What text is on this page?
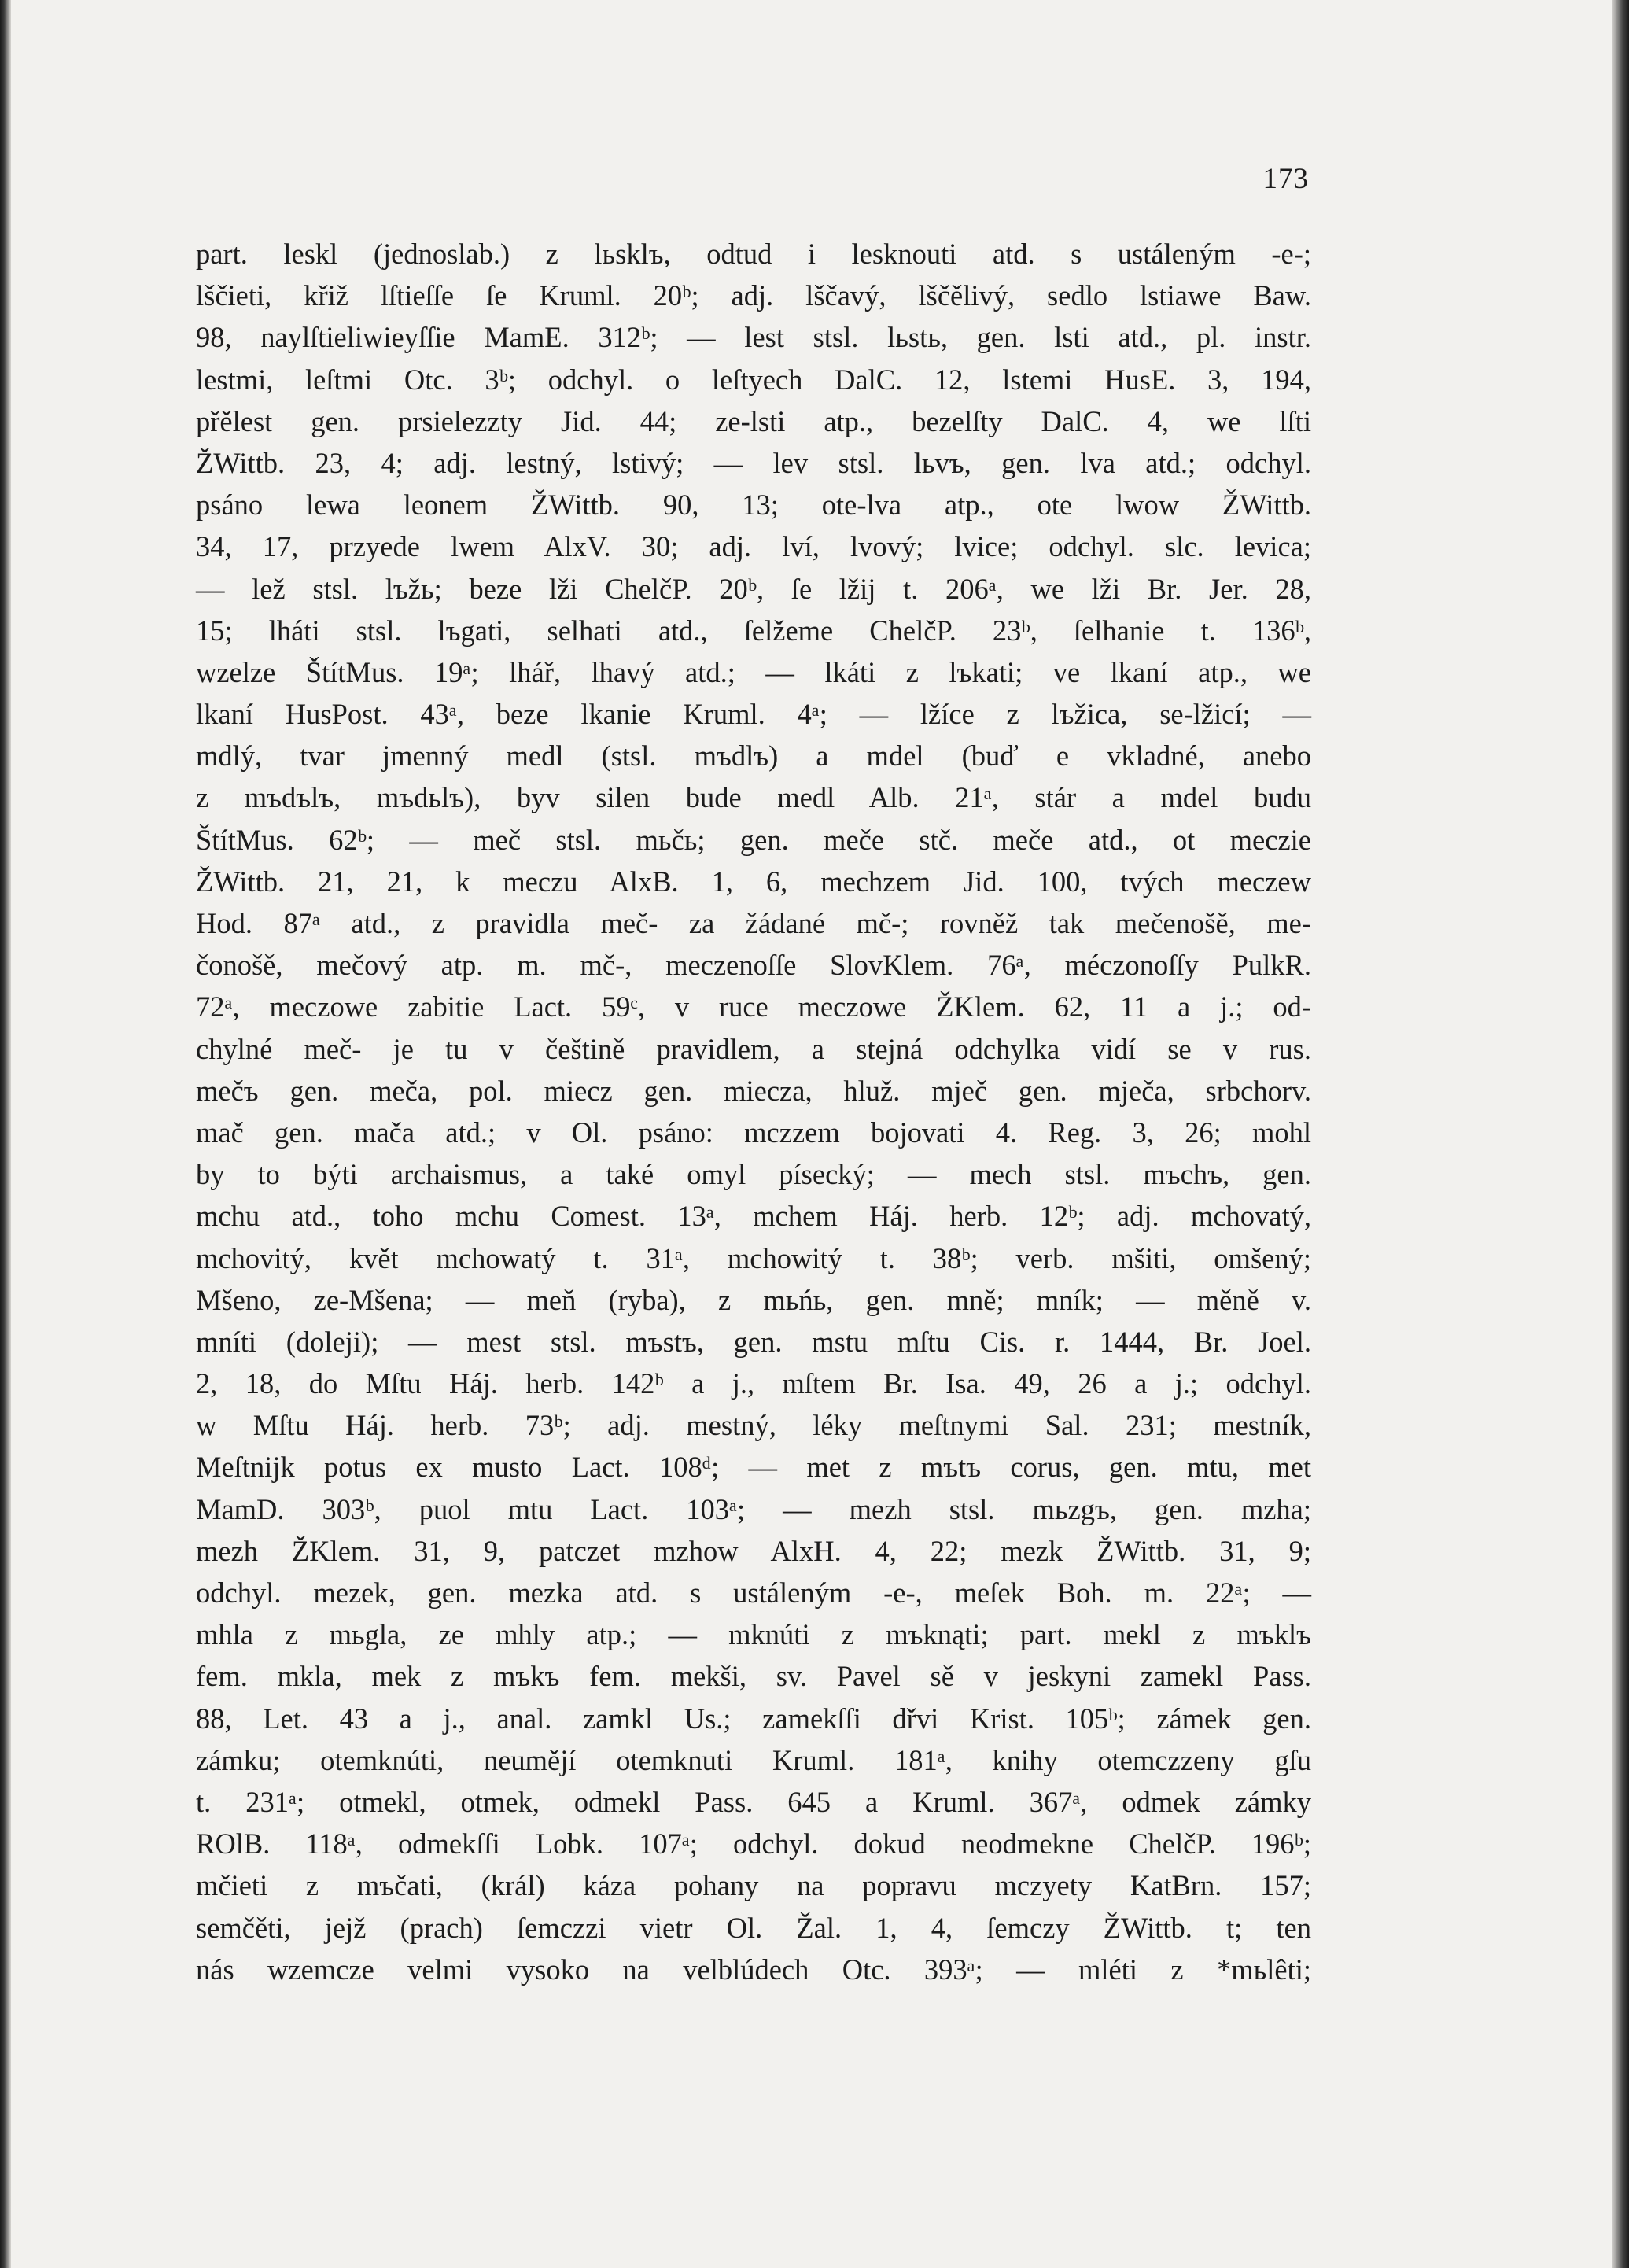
173
part. leskl (jednoslab.) z lьsklъ, odtud i lesknouti atd. s ustáleným -e-;
lščieti, křiž lſtieſſe ſe Kruml. 20ᵇ; adj. lščavý, lščělivý, sedlo lstiawe Baw.
98, naylſtieliwieyſſie MamE. 312ᵇ; — lest stsl. lьstь, gen. lsti atd., pl. instr.
lestmi, leſtmi Otc. 3ᵇ; odchyl. o leſtyech DalC. 12, lstemi HusE. 3, 194,
přělest gen. prsielezzty Jid. 44; ze-lsti atp., bezelſty DalC. 4, we lſti
ŽWittb. 23, 4; adj. lestný, lstivý; — lev stsl. lьvъ, gen. lva atd.; odchyl.
psáno lewa leonem ŽWittb. 90, 13; ote-lva atp., ote lwow ŽWittb.
34, 17, przyede lwem AlxV. 30; adj. lví, lvový; lvice; odchyl. slc. levica;
— lež stsl. lъžь; beze lži ChelčP. 20ᵇ, ſe lžij t. 206ᵃ, we lži Br. Jer. 28,
15; lháti stsl. lъgati, selhati atd., ſelžeme ChelčP. 23ᵇ, ſelhanie t. 136ᵇ,
wzelze ŠtítMus. 19ᵃ; lhář, lhavý atd.; — lkáti z lъkati; ve lkaní atp., we
lkaní HusPost. 43ᵃ, beze lkanie Kruml. 4ᵃ; — lžíce z lъžica, se-lžicí; —
mdlý, tvar jmenný medl (stsl. mъdlъ) a mdel (buď e vkladné, anebo
z mъdъlъ, mъdьlъ), byv silen bude medl Alb. 21ᵃ, stár a mdel budu
ŠtítMus. 62ᵇ; — meč stsl. mьčь; gen. meče stč. meče atd., ot meczie
ŽWittb. 21, 21, k meczu AlxB. 1, 6, mechzem Jid. 100, tvých meczew
Hod. 87ᵃ atd., z pravidla meč- za žádané mč-; rovněž tak mečenošě, me-
čonošě, mečový atp. m. mč-, meczenoſſe SlovKlem. 76ᵃ, méczonoſſy PulkR.
72ᵃ, meczowe zabitie Lact. 59ᶜ, v ruce meczowe ŽKlem. 62, 11 a j.; od-
chylné meč- je tu v češtině pravidlem, a stejná odchylka vidí se v rus.
mečъ gen. meča, pol. miecz gen. miecza, hluž. mječ gen. mječa, srbchorv.
mač gen. mača atd.; v Ol. psáno: mczzem bojovati 4. Reg. 3, 26; mohl
by to býti archaismus, a také omyl písecký; — mech stsl. mъchъ, gen.
mchu atd., toho mchu Comest. 13ᵃ, mchem Háj. herb. 12ᵇ; adj. mchovatý,
mchovitý, květ mchowatý t. 31ᵃ, mchowitý t. 38ᵇ; verb. mšiti, omšený;
Mšeno, ze-Mšena; — meň (ryba), z mьńь, gen. mně; mník; — měně v.
mníti (doleji); — mest stsl. mъstъ, gen. mstu mſtu Cis. r. 1444, Br. Joel.
2, 18, do Mſtu Háj. herb. 142ᵇ a j., mſtem Br. Isa. 49, 26 a j.; odchyl.
w Mſtu Háj. herb. 73ᵇ; adj. mestný, léky meſtnymi Sal. 231; mestník,
Meſtnijk potus ex musto Lact. 108ᵈ; — met z mъtъ corus, gen. mtu, met
MamD. 303ᵇ, puol mtu Lact. 103ᵃ; — mezh stsl. mьzgъ, gen. mzha;
mezh ŽKlem. 31, 9, patczet mzhow AlxH. 4, 22; mezk ŽWittb. 31, 9;
odchyl. mezek, gen. mezka atd. s ustáleným -e-, meſek Boh. m. 22ᵃ; —
mhla z mьgla, ze mhly atp.; — mknúti z mъknąti; part. mekl z mъklъ
fem. mkla, mek z mъkъ fem. mekši, sv. Pavel sě v jeskyni zamekl Pass.
88, Let. 43 a j., anal. zamkl Us.; zamekſſi dřvi Krist. 105ᵇ; zámek gen.
zámku; otemknúti, neumějí otemknuti Kruml. 181ᵃ, knihy otemczzeny gſu
t. 231ᵃ; otmekl, otmek, odmekl Pass. 645 a Kruml. 367ᵃ, odmek zámky
ROlB. 118ᵃ, odmekſſi Lobk. 107ᵃ; odchyl. dokud neodmekne ChelčP. 196ᵇ;
mčieti z mъčati, (král) káza pohany na popravu mczyety KatBrn. 157;
semčěti, jejž (prach) ſemczzi vietr Ol. Žal. 1, 4, ſemczy ŽWittb. t; ten
nás wzemcze velmi vysoko na velblúdech Otc. 393ᵃ; — mléti z *mьlêti;
